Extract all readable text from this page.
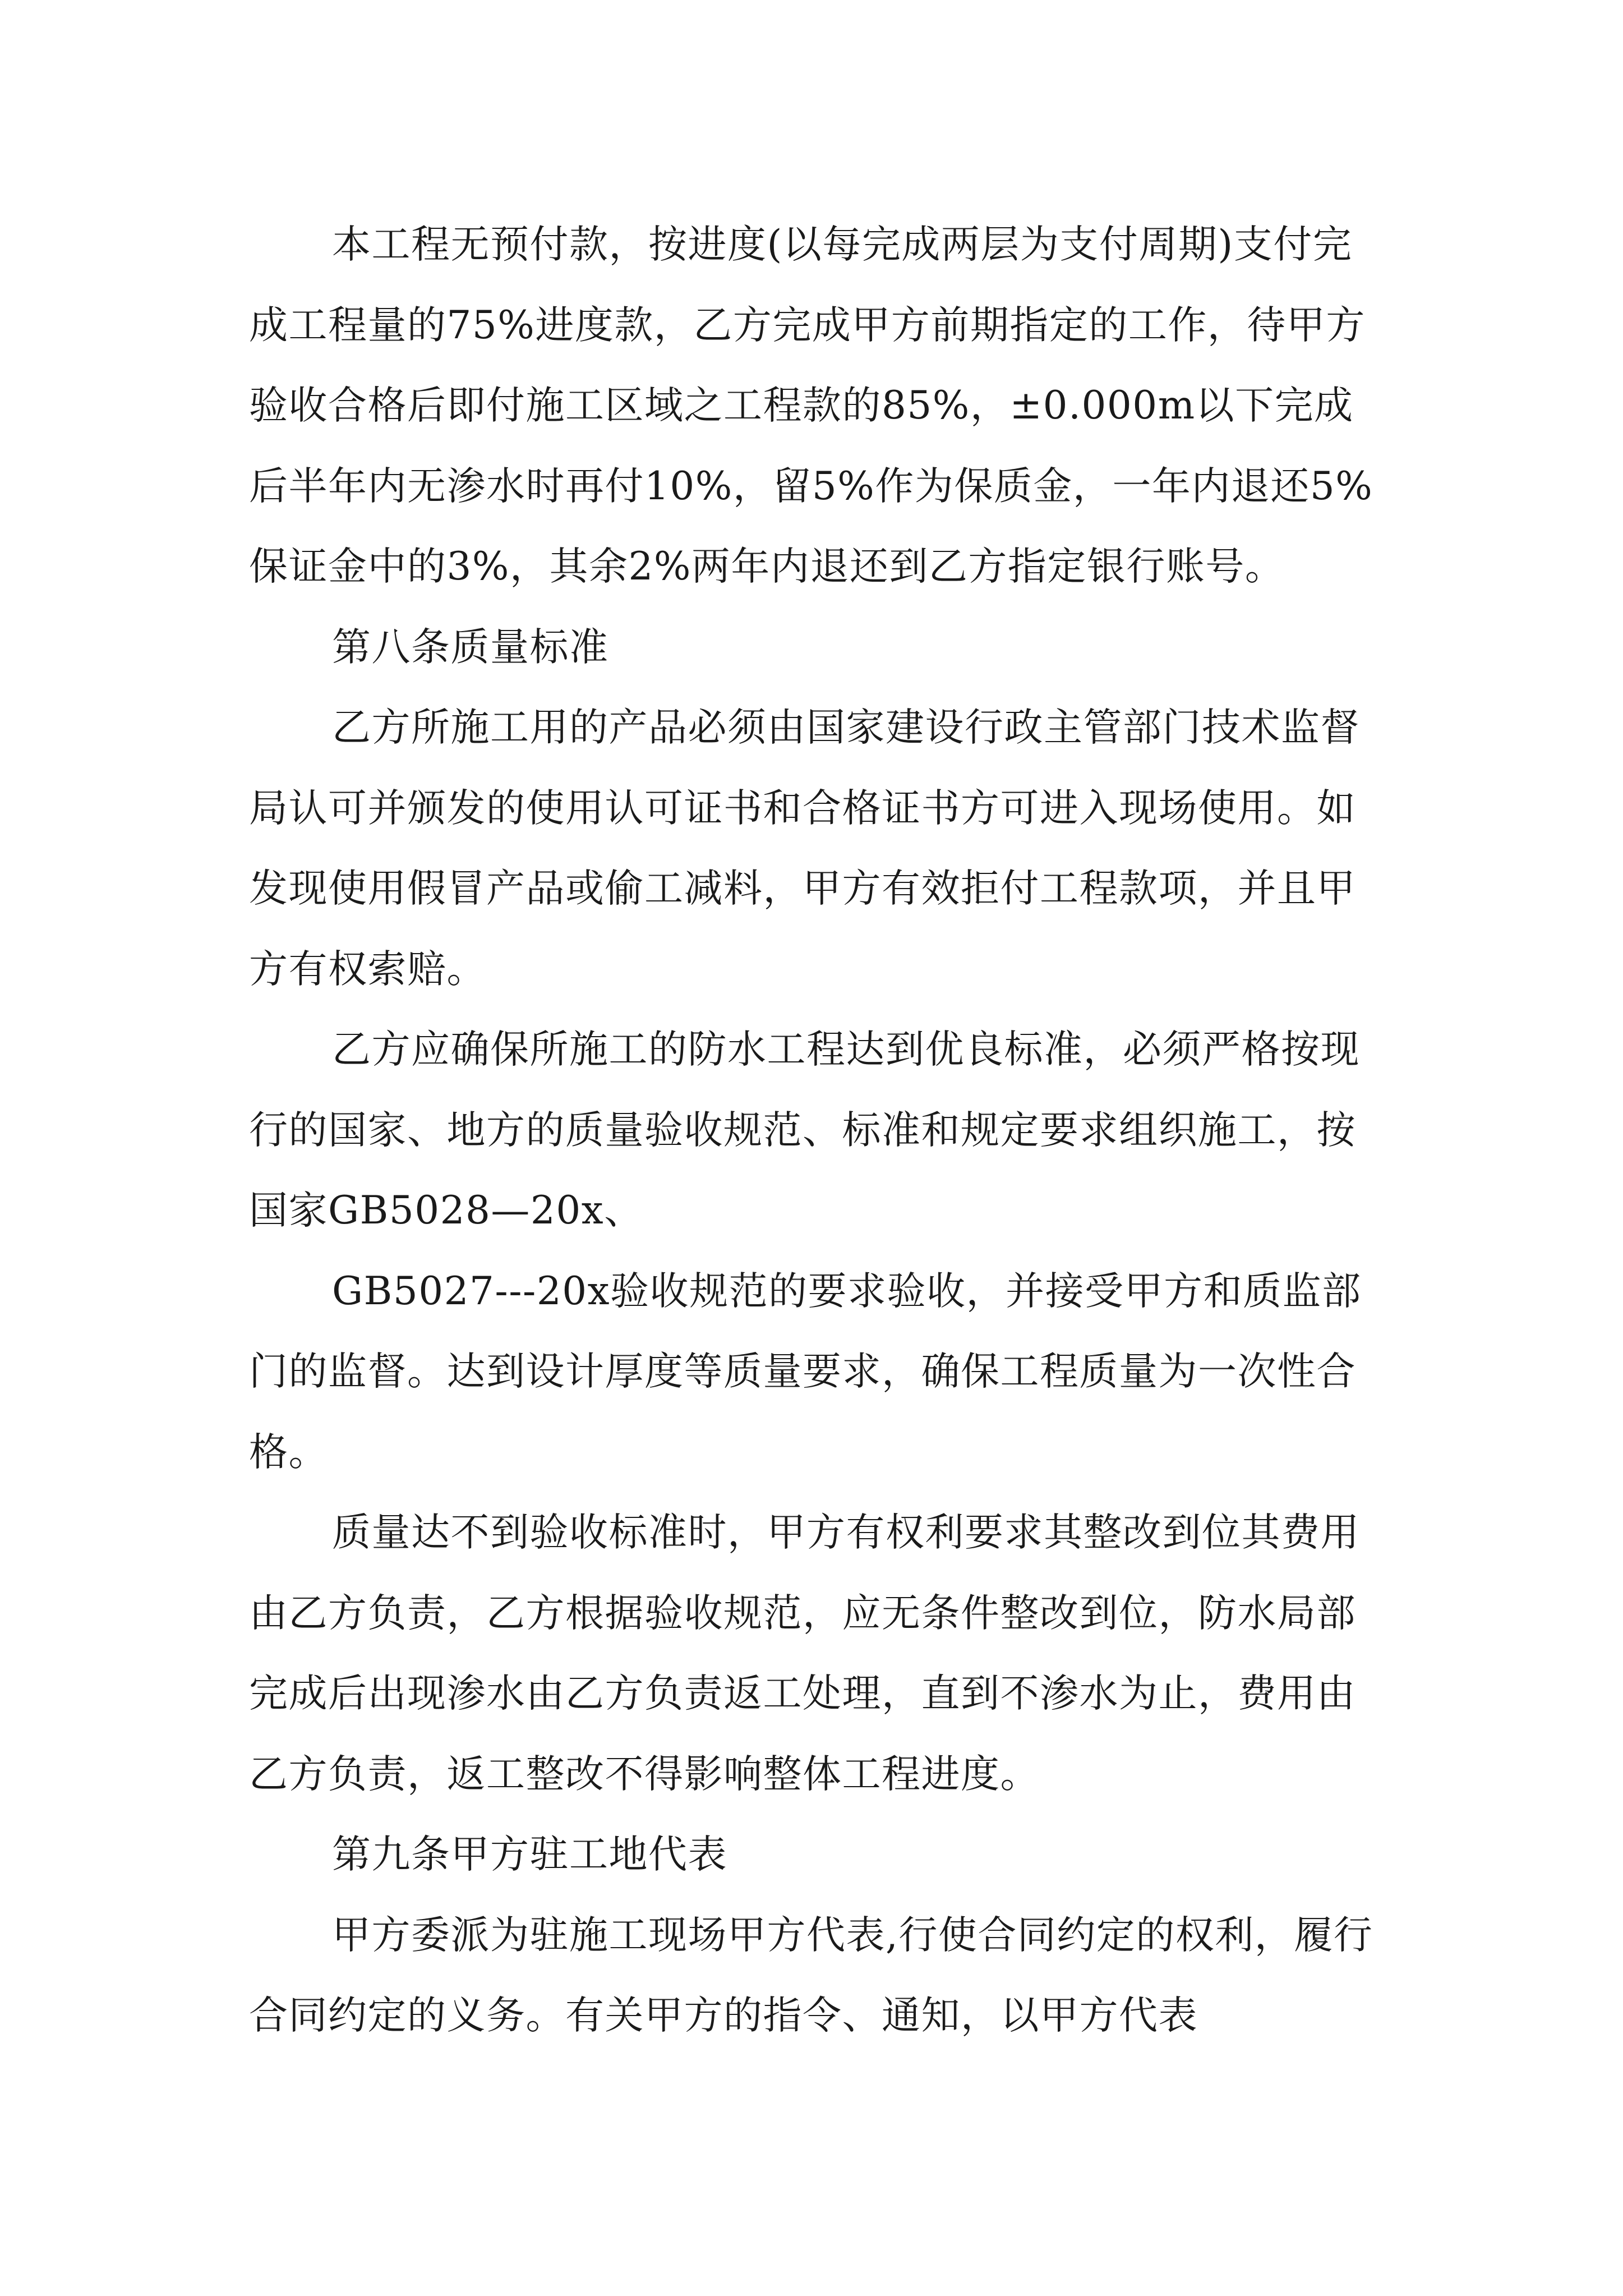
本工程无预付款，按进度(以每完成两层为支付周期)支付完成工程量的75%进度款，乙方完成甲方前期指定的工作，待甲方验收合格后即付施工区域之工程款的85%，±0.000m以下完成后半年内无渗水时再付10%，留5%作为保质金，一年内退还5%保证金中的3%，其余2%两年内退还到乙方指定银行账号。

第八条质量标准

乙方所施工用的产品必须由国家建设行政主管部门技术监督局认可并颁发的使用认可证书和合格证书方可进入现场使用。如发现使用假冒产品或偷工减料，甲方有效拒付工程款项，并且甲方有权索赔。

乙方应确保所施工的防水工程达到优良标准，必须严格按现行的国家、地方的质量验收规范、标准和规定要求组织施工，按国家GB5028—20x、

GB5027---20x验收规范的要求验收，并接受甲方和质监部门的监督。达到设计厚度等质量要求，确保工程质量为一次性合格。

质量达不到验收标准时，甲方有权利要求其整改到位其费用由乙方负责，乙方根据验收规范，应无条件整改到位，防水局部完成后出现渗水由乙方负责返工处理，直到不渗水为止，费用由乙方负责，返工整改不得影响整体工程进度。

第九条甲方驻工地代表

甲方委派为驻施工现场甲方代表,行使合同约定的权利，履行合同约定的义务。有关甲方的指令、通知，以甲方代表
